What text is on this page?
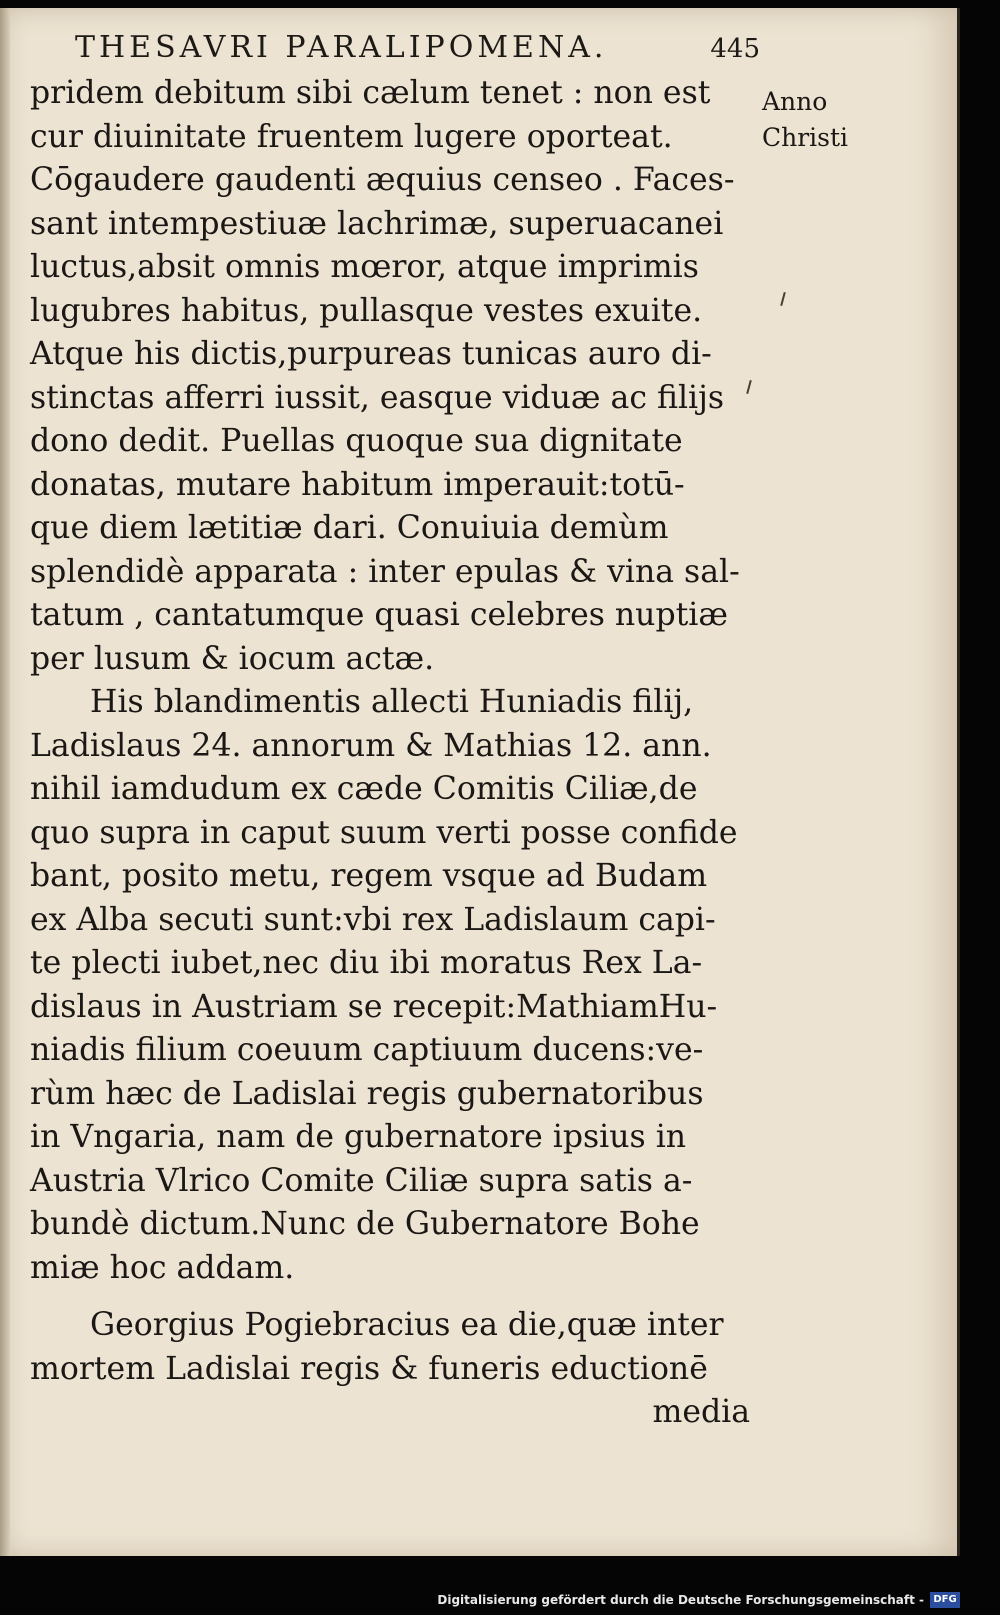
THESAVRI PARALIPOMENA.	445
Anno
Christi
pridem debitum sibi cælum tenet : non est
cur diuinitate fruentem lugere oporteat.
Cōgaudere gaudenti æquius censeo . Faces-
sant intempestiuæ lachrimæ, superuacanei
luctus,absit omnis mœror, atque imprimis
lugubres habitus, pullasque vestes exuite.
Atque his dictis,purpureas tunicas auro di-
stinctas afferri iussit, easque viduæ ac filijs
dono dedit. Puellas quoque sua dignitate
donatas, mutare habitum imperauit:totū-
que diem lætitiæ dari. Conuiuia demùm
splendidè apparata : inter epulas & vina sal-
tatum , cantatumque quasi celebres nuptiæ
per lusum & iocum actæ.
His blandimentis allecti Huniadis filij,
Ladislaus 24. annorum & Mathias 12. ann.
nihil iamdudum ex cæde Comitis Ciliæ,de
quo supra in caput suum verti posse confide
bant, posito metu, regem vsque ad Budam
ex Alba secuti sunt:vbi rex Ladislaum capi-
te plecti iubet,nec diu ibi moratus Rex La-
dislaus in Austriam se recepit:MathiamHu-
niadis filium coeuum captiuum ducens:ve-
rùm hæc de Ladislai regis gubernatoribus
in Vngaria, nam de gubernatore ipsius in
Austria Vlrico Comite Ciliæ supra satis a-
bundè dictum.Nunc de Gubernatore Bohe
miæ hoc addam.
Georgius Pogiebracius ea die,quæ inter
mortem Ladislai regis & funeris eductionē
media
Digitalisierung gefördert durch die Deutsche Forschungsgemeinschaft - DFG
